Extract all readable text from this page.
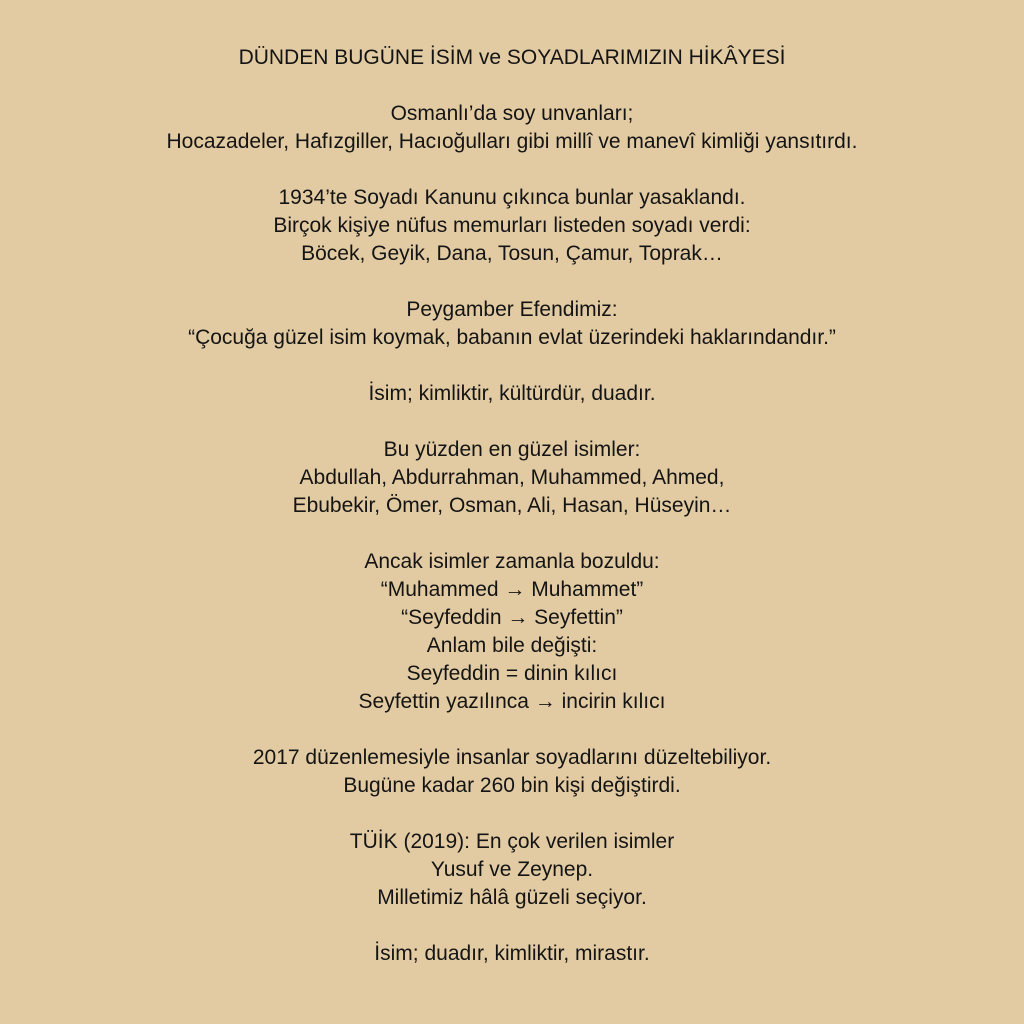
DÜNDEN BUGÜNE İSİM ve SOYADLARIMIZIN HİKÂYESİ
Osmanlı’da soy unvanları;
Hocazadeler, Hafızgiller, Hacıoğulları gibi millî ve manevî kimliği yansıtırdı.
1934’te Soyadı Kanunu çıkınca bunlar yasaklandı.
Birçok kişiye nüfus memurları listeden soyadı verdi:
Böcek, Geyik, Dana, Tosun, Çamur, Toprak…
Peygamber Efendimiz:
“Çocuğa güzel isim koymak, babanın evlat üzerindeki haklarındandır.”
İsim; kimliktir, kültürdür, duadır.
Bu yüzden en güzel isimler:
Abdullah, Abdurrahman, Muhammed, Ahmed,
Ebubekir, Ömer, Osman, Ali, Hasan, Hüseyin…
Ancak isimler zamanla bozuldu:
“Muhammed → Muhammet”
“Seyfeddin → Seyfettin”
Anlam bile değişti:
Seyfeddin = dinin kılıcı
Seyfettin yazılınca → incirin kılıcı
2017 düzenlemesiyle insanlar soyadlarını düzeltebiliyor.
Bugüne kadar 260 bin kişi değiştirdi.
TÜİK (2019): En çok verilen isimler
Yusuf ve Zeynep.
Milletimiz hâlâ güzeli seçiyor.
İsim; duadır, kimliktir, mirastır.
